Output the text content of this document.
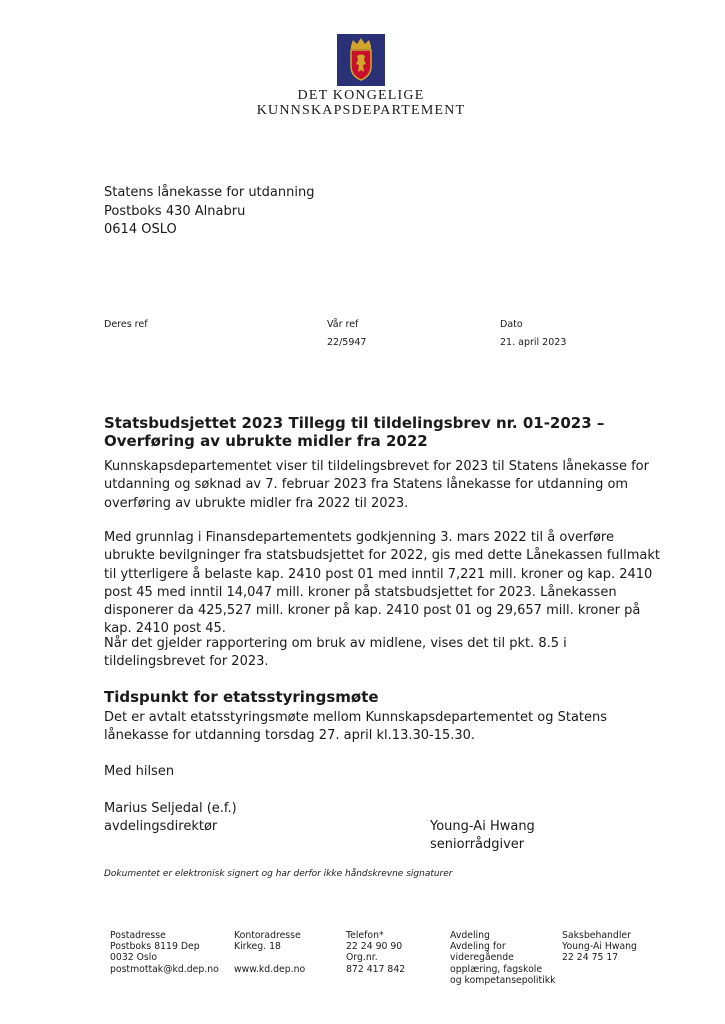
DET KONGELIGE
KUNNSKAPSDEPARTEMENT
Statens lånekasse for utdanning
Postboks 430 Alnabru
0614 OSLO
Deres ref	Vår ref
22/5947
Dato
21. april 2023
Statsbudsjettet 2023 Tillegg til tildelingsbrev nr. 01-2023 – Overføring av ubrukte midler fra 2022
Kunnskapsdepartementet viser til tildelingsbrevet for 2023 til Statens lånekasse for utdanning og søknad av 7. februar 2023 fra Statens lånekasse for utdanning om overføring av ubrukte midler fra 2022 til 2023.
Med grunnlag i Finansdepartementets godkjenning 3. mars 2022 til å overføre ubrukte bevilgninger fra statsbudsjettet for 2022, gis med dette Lånekassen fullmakt til ytterligere å belaste kap. 2410 post 01 med inntil 7,221 mill. kroner og kap. 2410 post 45 med inntil 14,047 mill. kroner på statsbudsjettet for 2023. Lånekassen disponerer da 425,527 mill. kroner på kap. 2410 post 01 og 29,657 mill. kroner på kap. 2410 post 45.
Når det gjelder rapportering om bruk av midlene, vises det til pkt. 8.5 i tildelingsbrevet for 2023.
Tidspunkt for etatsstyringsmøte
Det er avtalt etatsstyringsmøte mellom Kunnskapsdepartementet og Statens lånekasse for utdanning torsdag 27. april kl.13.30-15.30.
Med hilsen
Marius Seljedal (e.f.)
avdelingsdirektør	Young-Ai Hwang
seniorrådgiver
Dokumentet er elektronisk signert og har derfor ikke håndskrevne signaturer
Postadresse
Postboks 8119 Dep
0032 Oslo
postmottak@kd.dep.no
Kontoradresse
Kirkeg. 18
www.kd.dep.no
Telefon*
22 24 90 90
Org.nr.
872 417 842
Avdeling
Avdeling for
videregående
opplæring, fagskole
og kompetansepolitikk
Saksbehandler
Young-Ai Hwang
22 24 75 17
